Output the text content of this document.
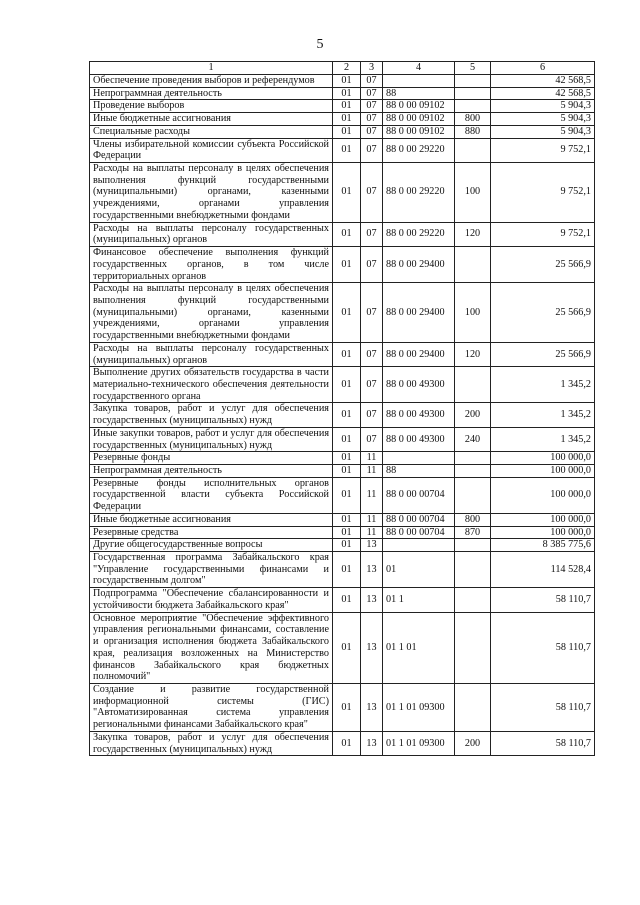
5
1	2	3	4	5	6
Обеспечение проведения выборов и референдумов	01	07			42 568,5
Непрограммная деятельность	01	07	88		42 568,5
Проведение выборов	01	07	88 0 00 09102		5 904,3
Иные бюджетные ассигнования	01	07	88 0 00 09102	800	5 904,3
Специальные расходы	01	07	88 0 00 09102	880	5 904,3
Члены избирательной комиссии субъекта Российской Федерации	01	07	88 0 00 29220		9 752,1
Расходы на выплаты персоналу в целях обеспечения выполнения функций государственными (муниципальными) органами, казенными учреждениями, органами управления государственными внебюджетными фондами	01	07	88 0 00 29220	100	9 752,1
Расходы на выплаты персоналу государственных (муниципальных) органов	01	07	88 0 00 29220	120	9 752,1
Финансовое обеспечение выполнения функций государственных органов, в том числе территориальных органов	01	07	88 0 00 29400		25 566,9
Расходы на выплаты персоналу в целях обеспечения выполнения функций государственными (муниципальными) органами, казенными учреждениями, органами управления государственными внебюджетными фондами	01	07	88 0 00 29400	100	25 566,9
Расходы на выплаты персоналу государственных (муниципальных) органов	01	07	88 0 00 29400	120	25 566,9
Выполнение других обязательств государства в части материально-технического обеспечения деятельности государственного органа	01	07	88 0 00 49300		1 345,2
Закупка товаров, работ и услуг для обеспечения государственных (муниципальных) нужд	01	07	88 0 00 49300	200	1 345,2
Иные закупки товаров, работ и услуг для обеспечения государственных (муниципальных) нужд	01	07	88 0 00 49300	240	1 345,2
Резервные фонды	01	11			100 000,0
Непрограммная деятельность	01	11	88		100 000,0
Резервные фонды исполнительных органов государственной власти субъекта Российской Федерации	01	11	88 0 00 00704		100 000,0
Иные бюджетные ассигнования	01	11	88 0 00 00704	800	100 000,0
Резервные средства	01	11	88 0 00 00704	870	100 000,0
Другие общегосударственные вопросы	01	13			8 385 775,6
Государственная программа Забайкальского края "Управление государственными финансами и государственным долгом"	01	13	01		114 528,4
Подпрограмма "Обеспечение сбалансированности и устойчивости бюджета Забайкальского края"	01	13	01 1		58 110,7
Основное мероприятие "Обеспечение эффективного управления региональными финансами, составление и организация исполнения бюджета Забайкальского края, реализация возложенных на Министерство финансов Забайкальского края бюджетных полномочий"	01	13	01 1 01		58 110,7
Создание и развитие государственной информационной системы (ГИС) "Автоматизированная система управления региональными финансами Забайкальского края"	01	13	01 1 01 09300		58 110,7
Закупка товаров, работ и услуг для обеспечения государственных (муниципальных) нужд	01	13	01 1 01 09300	200	58 110,7
